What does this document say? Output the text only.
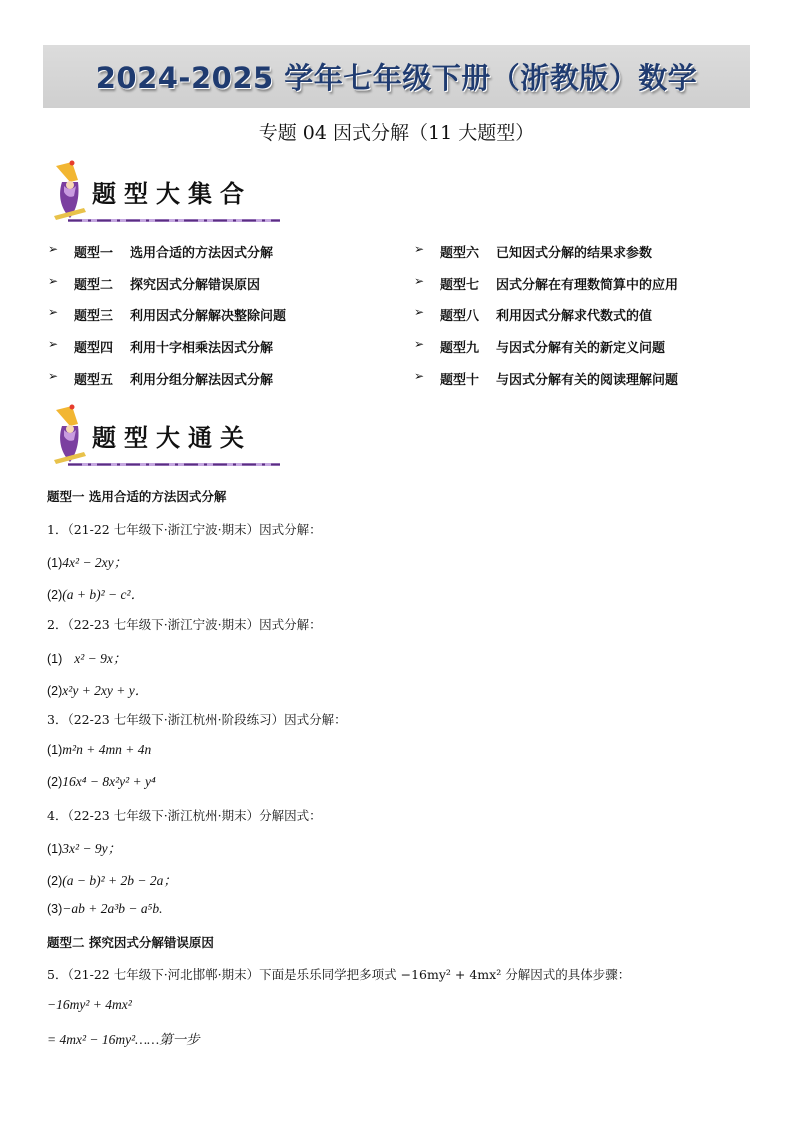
2024-2025 学年七年级下册（浙教版）数学
专题 04 因式分解（11 大题型）
题型大集合
➢	题型一	选用合适的方法因式分解
➢	题型二	探究因式分解错误原因
➢	题型三	利用因式分解解决整除问题
➢	题型四	利用十字相乘法因式分解
➢	题型五	利用分组分解法因式分解
➢	题型六	已知因式分解的结果求参数
➢	题型七	因式分解在有理数简算中的应用
➢	题型八	利用因式分解求代数式的值
➢	题型九	与因式分解有关的新定义问题
➢	题型十	与因式分解有关的阅读理解问题
题型大通关
题型一 选用合适的方法因式分解
1．（21-22 七年级下·浙江宁波·期末）因式分解：
(1)4x² − 2xy；
(2)(a + b)² − c²．
2．（22-23 七年级下·浙江宁波·期末）因式分解：
(1) x² − 9x；
(2)x²y + 2xy + y．
3．（22-23 七年级下·浙江杭州·阶段练习）因式分解：
(1)m²n + 4mn + 4n
(2)16x⁴ − 8x²y² + y⁴
4．（22-23 七年级下·浙江杭州·期末）分解因式：
(1)3x² − 9y；
(2)(a − b)² + 2b − 2a；
(3)−ab + 2a³b − a⁵b.
题型二 探究因式分解错误原因
5．（21-22 七年级下·河北邯郸·期末）下面是乐乐同学把多项式 −16my² + 4mx² 分解因式的具体步骤：
−16my² + 4mx²
= 4mx² − 16my²……第一步
